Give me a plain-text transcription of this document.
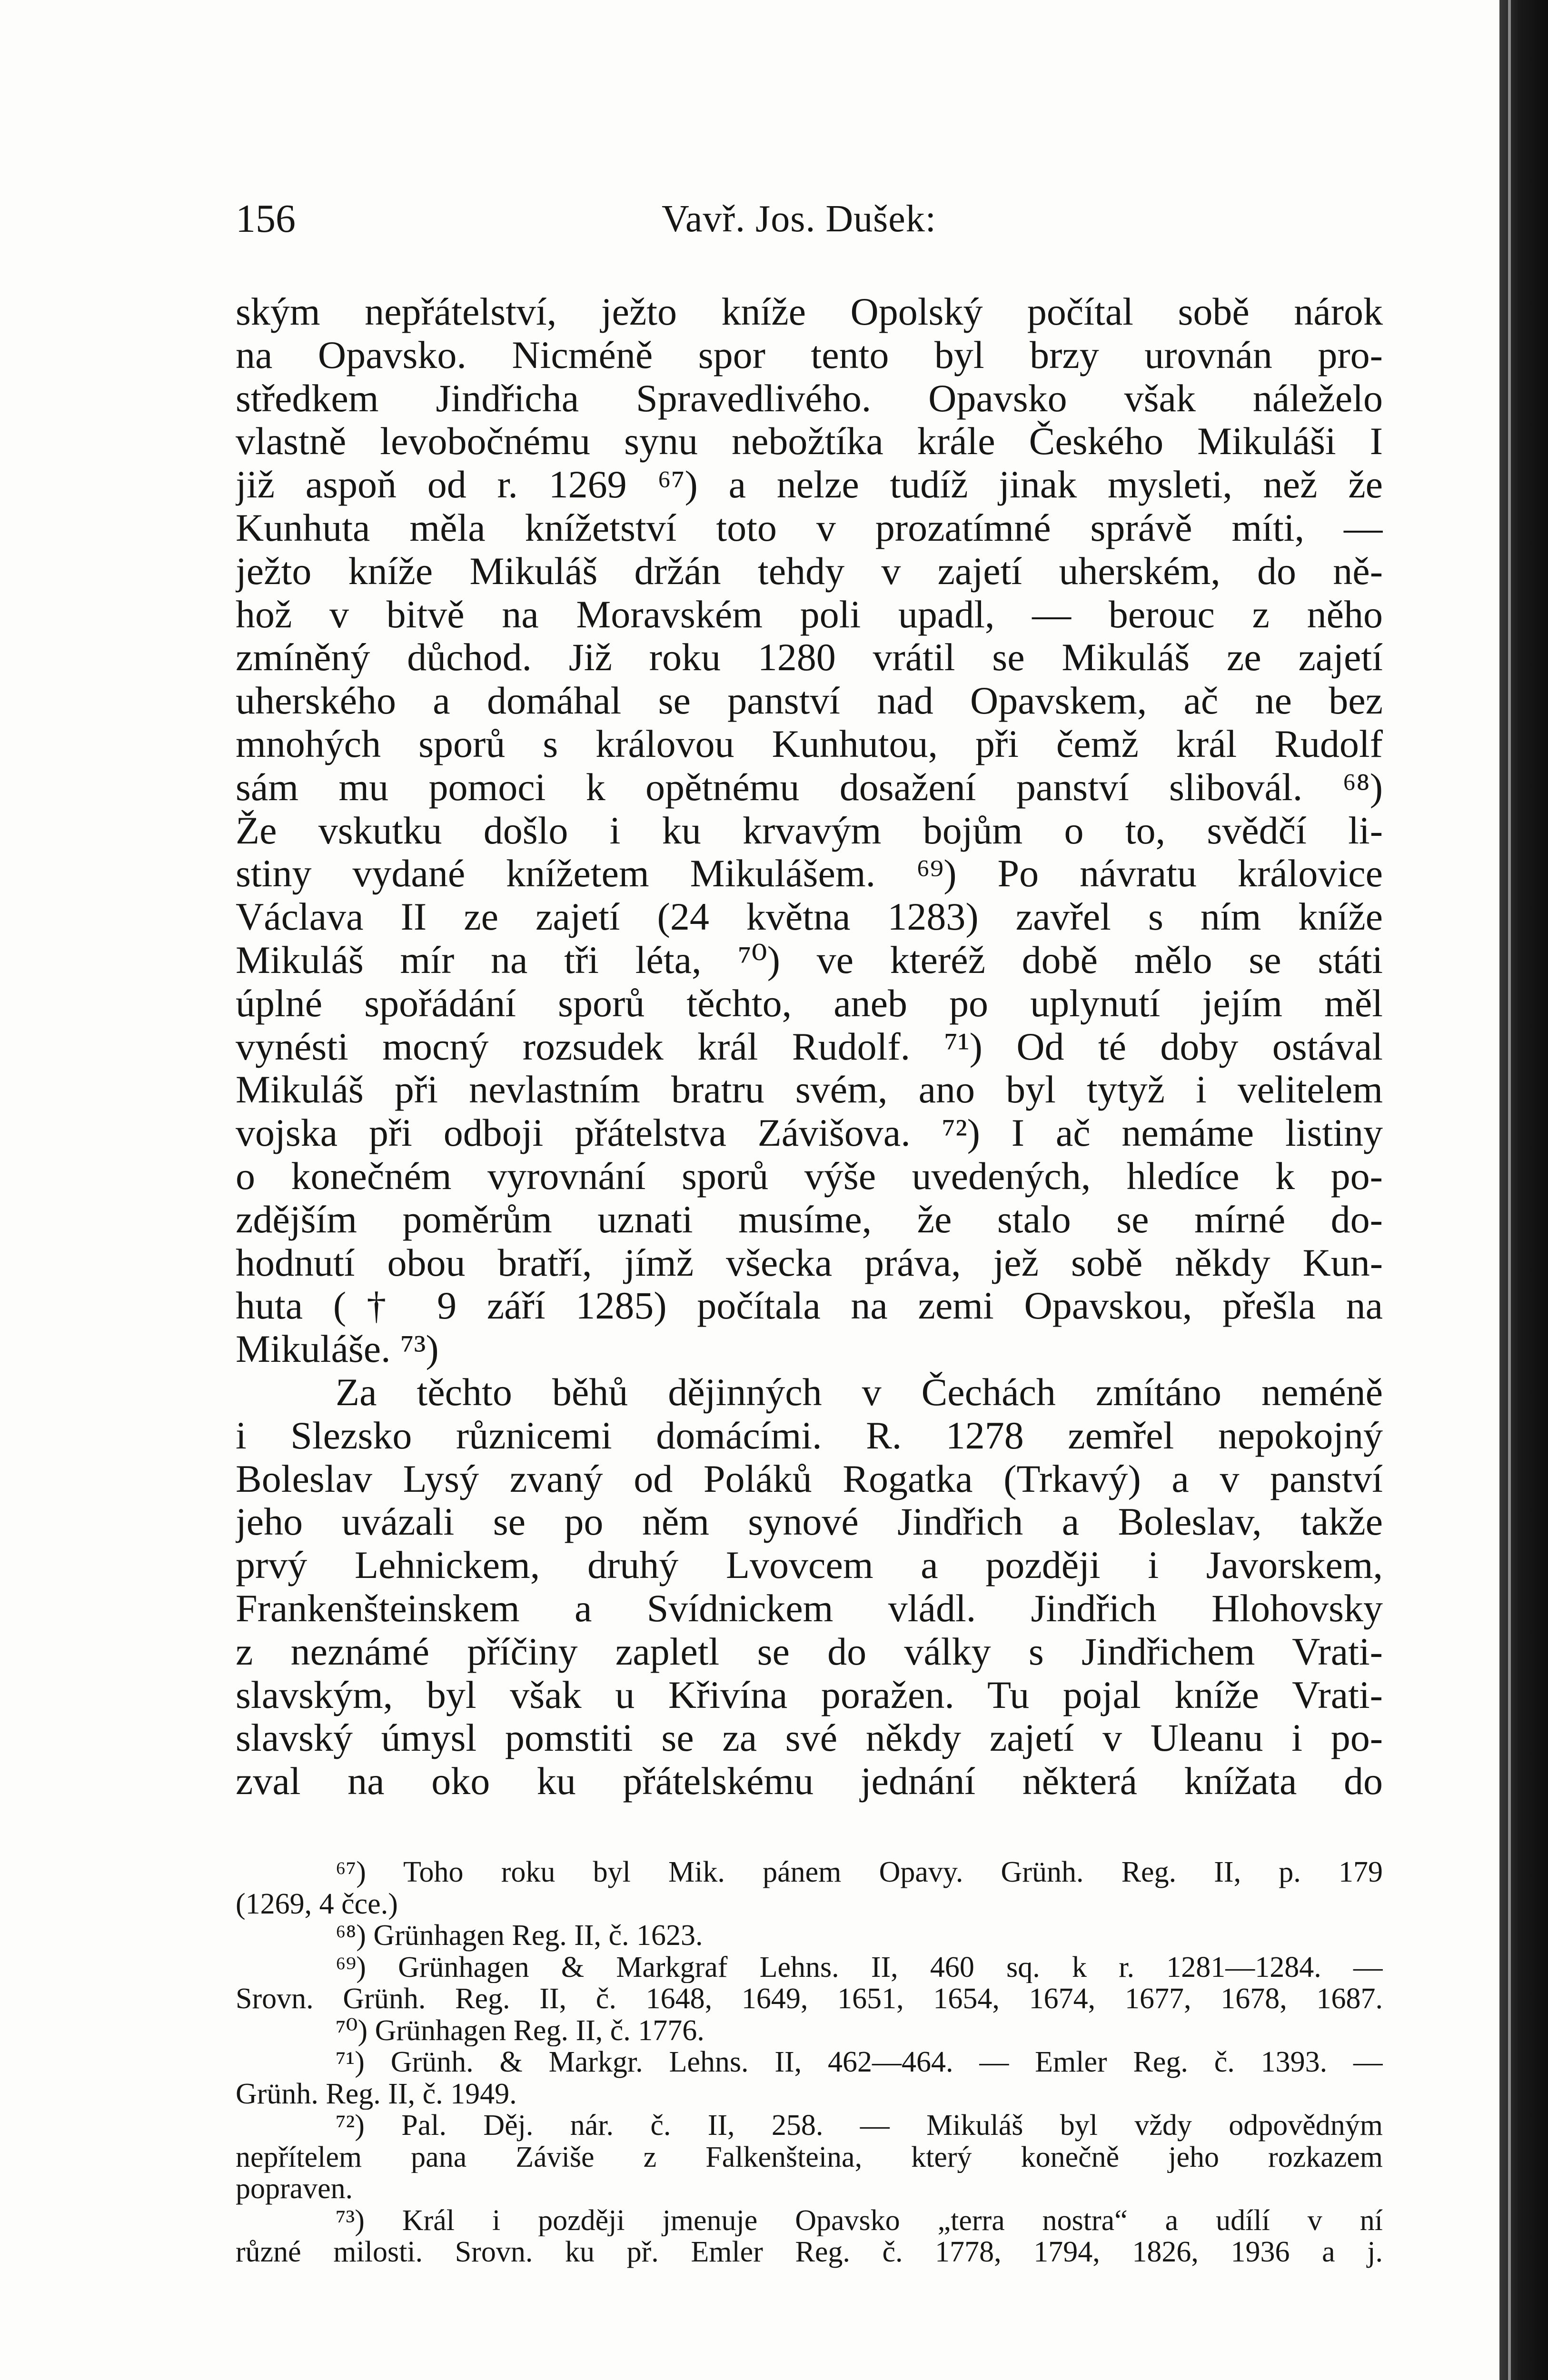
156	Vavř. Jos. Dušek:
ským nepřátelství, ježto kníže Opolský počítal sobě nárok
na Opavsko. Nicméně spor tento byl brzy urovnán pro-
středkem Jindřicha Spravedlivého. Opavsko však náleželo
vlastně levobočnému synu nebožtíka krále Českého Mikuláši I
již aspoň od r. 1269 ⁶⁷) a nelze tudíž jinak mysleti, než že
Kunhuta měla knížetství toto v prozatímné správě míti, —
ježto kníže Mikuláš držán tehdy v zajetí uherském, do ně-
hož v bitvě na Moravském poli upadl, — berouc z něho
zmíněný důchod. Již roku 1280 vrátil se Mikuláš ze zajetí
uherského a domáhal se panství nad Opavskem, ač ne bez
mnohých sporů s královou Kunhutou, při čemž král Rudolf
sám mu pomoci k opětnému dosažení panství slibovál. ⁶⁸)
Že vskutku došlo i ku krvavým bojům o to, svědčí li-
stiny vydané knížetem Mikulášem. ⁶⁹) Po návratu královice
Václava II ze zajetí (24 května 1283) zavřel s ním kníže
Mikuláš mír na tři léta, ⁷⁰) ve kteréž době mělo se státi
úplné spořádání sporů těchto, aneb po uplynutí jejím měl
vynésti mocný rozsudek král Rudolf. ⁷¹) Od té doby ostával
Mikuláš při nevlastním bratru svém, ano byl tytyž i velitelem
vojska při odboji přátelstva Závišova. ⁷²) I ač nemáme listiny
o konečném vyrovnání sporů výše uvedených, hledíce k po-
zdějším poměrům uznati musíme, že stalo se mírné do-
hodnutí obou bratří, jímž všecka práva, jež sobě někdy Kun-
huta († 9 září 1285) počítala na zemi Opavskou, přešla na
Mikuláše. ⁷³)
Za těchto běhů dějinných v Čechách zmítáno neméně
i Slezsko různicemi domácími. R. 1278 zemřel nepokojný
Boleslav Lysý zvaný od Poláků Rogatka (Trkavý) a v panství
jeho uvázali se po něm synové Jindřich a Boleslav, takže
prvý Lehnickem, druhý Lvovcem a později i Javorskem,
Frankenšteinskem a Svídnickem vládl. Jindřich Hlohovsky
z neznámé příčiny zapletl se do války s Jindřichem Vrati-
slavským, byl však u Křivína poražen. Tu pojal kníže Vrati-
slavský úmysl pomstiti se za své někdy zajetí v Uleanu i po-
zval na oko ku přátelskému jednání některá knížata do
⁶⁷) Toho roku byl Mik. pánem Opavy. Grünh. Reg. II, p. 179
(1269, 4 čce.)
⁶⁸) Grünhagen Reg. II, č. 1623.
⁶⁹) Grünhagen & Markgraf Lehns. II, 460 sq. k r. 1281—1284. —
Srovn. Grünh. Reg. II, č. 1648, 1649, 1651, 1654, 1674, 1677, 1678, 1687.
⁷⁰) Grünhagen Reg. II, č. 1776.
⁷¹) Grünh. & Markgr. Lehns. II, 462—464. — Emler Reg. č. 1393. —
Grünh. Reg. II, č. 1949.
⁷²) Pal. Děj. nár. č. II, 258. — Mikuláš byl vždy odpovědným
nepřítelem pana Záviše z Falkenšteina, který konečně jeho rozkazem
popraven.
⁷³) Král i později jmenuje Opavsko „terra nostra“ a udílí v ní
různé milosti. Srovn. ku př. Emler Reg. č. 1778, 1794, 1826, 1936 a j.
